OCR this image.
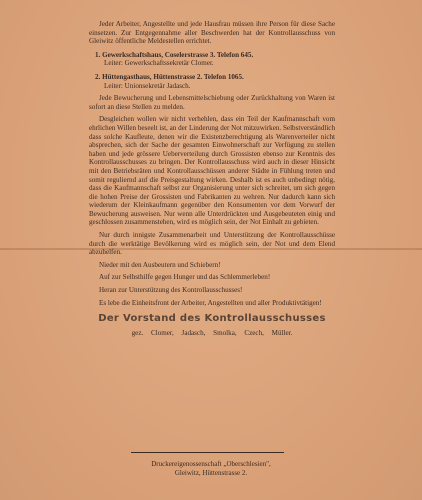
Jeder Arbeiter, Angestellte und jede Hausfrau müssen ihre Person für diese Sache einsetzen. Zur Entgegennahme aller Beschwerden hat der Kontrollausschuss von Gleiwitz öffentliche Meldestellen errichtet.

1. Gewerkschaftshaus, Coselerstrasse 3. Telefon 645.

Leiter: Gewerkschaftssekretär Clomer.

2. Hüttengasthaus, Hüttenstrasse 2. Telefon 1065.

Leiter: Unionsekretär Jadasch.

Jede Bewucherung und Lebensmittelschiebung oder Zurückhaltung von Waren ist sofort an diese Stellen zu melden.

Desgleichen wollen wir nicht verhehlen, dass ein Teil der Kaufmannschaft vom ehrlichen Willen beseelt ist, an der Linderung der Not mitzuwirken. Selbstverständlich dass solche Kaufleute, denen wir die Existenzberechtigung als Warenverteiler nicht absprechen, sich der Sache der gesamten Einwohnerschaft zur Verfügung zu stellen haben und jede grössere Ueberverteilung durch Grossisten ebenso zur Kenntnis des Kontrollausschusses zu bringen. Der Kontrollausschuss wird auch in dieser Hinsicht mit den Betriebsräten und Kontrollausschüssen anderer Städte in Fühlung treten und somit reguliernd auf die Preisgestaltung wirken. Deshalb ist es auch unbedingt nötig, dass die Kaufmannschaft selbst zur Organisierung unter sich schreitet, um sich gegen die hohen Preise der Grossisten und Fabrikanten zu wehren. Nur dadurch kann sich wiederum der Kleinkaufmann gegenüber den Konsumenten vor dem Vorwurf der Bewucherung ausweisen. Nur wenn alle Unterdrückten und Ausgebeuteten einig und geschlossen zusammenstehen, wird es möglich sein, der Not Einhalt zu gebieten.

Nur durch innigste Zusammenarbeit und Unterstützung der Kontrollausschüsse durch die werktätige Bevölkerung wird es möglich sein, der Not und dem Elend abzuhelfen.

Nieder mit den Ausbeutern und Schiebern!

Auf zur Selbsthilfe gegen Hunger und das Schlemmerleben!

Heran zur Unterstützung des Kontrollausschusses!

Es lebe die Einheitsfront der Arbeiter, Angestellten und aller Produktivtätigen!

Der Vorstand des Kontrollausschusses

gez. Clomer, Jadasch, Smolka, Czech, Müller.

Druckereigenossenschaft „Oberschlesien",

Gleiwitz, Hüttenstrasse 2.
